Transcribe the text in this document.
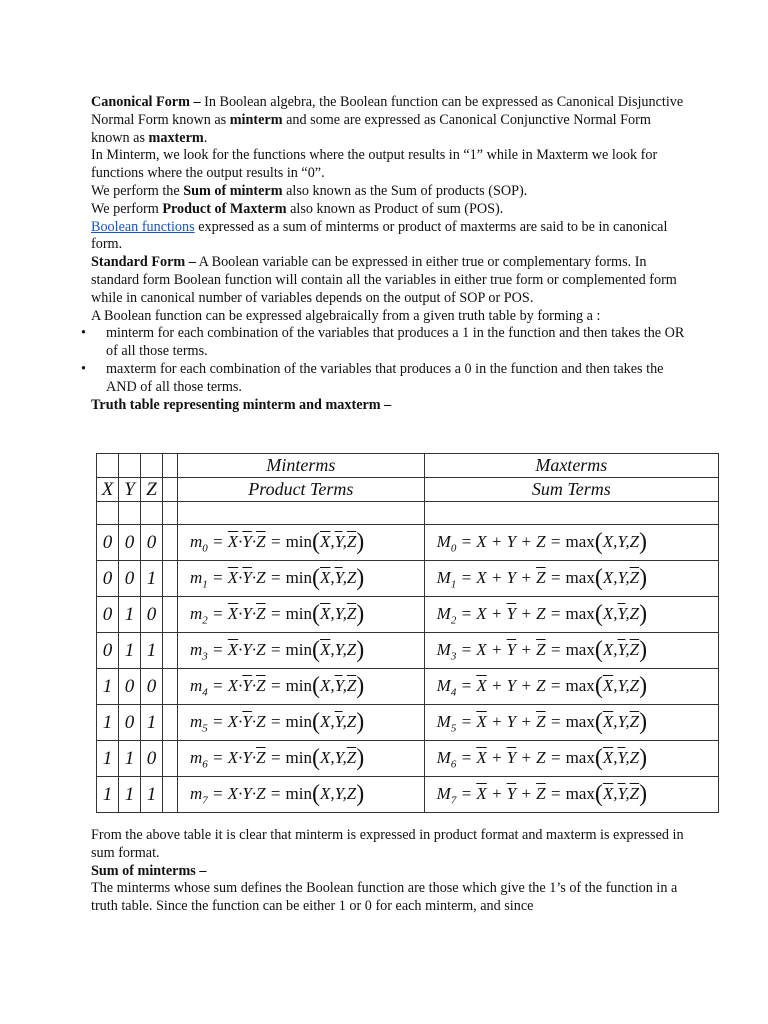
Canonical Form – In Boolean algebra, the Boolean function can be expressed as Canonical Disjunctive Normal Form known as minterm and some are expressed as Canonical Conjunctive Normal Form known as maxterm.

In Minterm, we look for the functions where the output results in “1” while in Maxterm we look for functions where the output results in “0”.

We perform the Sum of minterm also known as the Sum of products (SOP).

We perform Product of Maxterm also known as Product of sum (POS).

Boolean functions expressed as a sum of minterms or product of maxterms are said to be in canonical form.

Standard Form – A Boolean variable can be expressed in either true or complementary forms. In standard form Boolean function will contain all the variables in either true form or complemented form while in canonical number of variables depends on the output of SOP or POS.

A Boolean function can be expressed algebraically from a given truth table by forming a :

• minterm for each combination of the variables that produces a 1 in the function and then takes the OR of all those terms.
• maxterm for each combination of the variables that produces a 0 in the function and then takes the AND of all those terms.

Truth table representing minterm and maxterm –

				Minterms	Maxterms
X	Y	Z		Product Terms	Sum Terms

0	0	0		$m_0 = \overline{X}\cdot\overline{Y}\cdot\overline{Z} = \min(\overline{X},\overline{Y},\overline{Z})$	$M_0 = X + Y + Z = \max(X,Y,Z)$
0	0	1		$m_1 = \overline{X}\cdot\overline{Y}\cdot Z = \min(\overline{X},\overline{Y},Z)$	$M_1 = X + Y + \overline{Z} = \max(X,Y,\overline{Z})$
0	1	0		$m_2 = \overline{X}\cdot Y\cdot\overline{Z} = \min(\overline{X},Y,\overline{Z})$	$M_2 = X + \overline{Y} + Z = \max(X,\overline{Y},Z)$
0	1	1		$m_3 = \overline{X}\cdot Y\cdot Z = \min(\overline{X},Y,Z)$	$M_3 = X + \overline{Y} + \overline{Z} = \max(X,\overline{Y},\overline{Z})$
1	0	0		$m_4 = X\cdot\overline{Y}\cdot\overline{Z} = \min(X,\overline{Y},\overline{Z})$	$M_4 = \overline{X} + Y + Z = \max(\overline{X},Y,Z)$
1	0	1		$m_5 = X\cdot\overline{Y}\cdot Z = \min(X,\overline{Y},Z)$	$M_5 = \overline{X} + Y + \overline{Z} = \max(\overline{X},Y,\overline{Z})$
1	1	0		$m_6 = X\cdot Y\cdot\overline{Z} = \min(X,Y,\overline{Z})$	$M_6 = \overline{X} + \overline{Y} + Z = \max(\overline{X},\overline{Y},Z)$
1	1	1		$m_7 = X\cdot Y\cdot Z = \min(X,Y,Z)$	$M_7 = \overline{X} + \overline{Y} + \overline{Z} = \max(\overline{X},\overline{Y},\overline{Z})$

From the above table it is clear that minterm is expressed in product format and maxterm is expressed in sum format.

Sum of minterms –

The minterms whose sum defines the Boolean function are those which give the 1’s of the function in a truth table. Since the function can be either 1 or 0 for each minterm, and since
